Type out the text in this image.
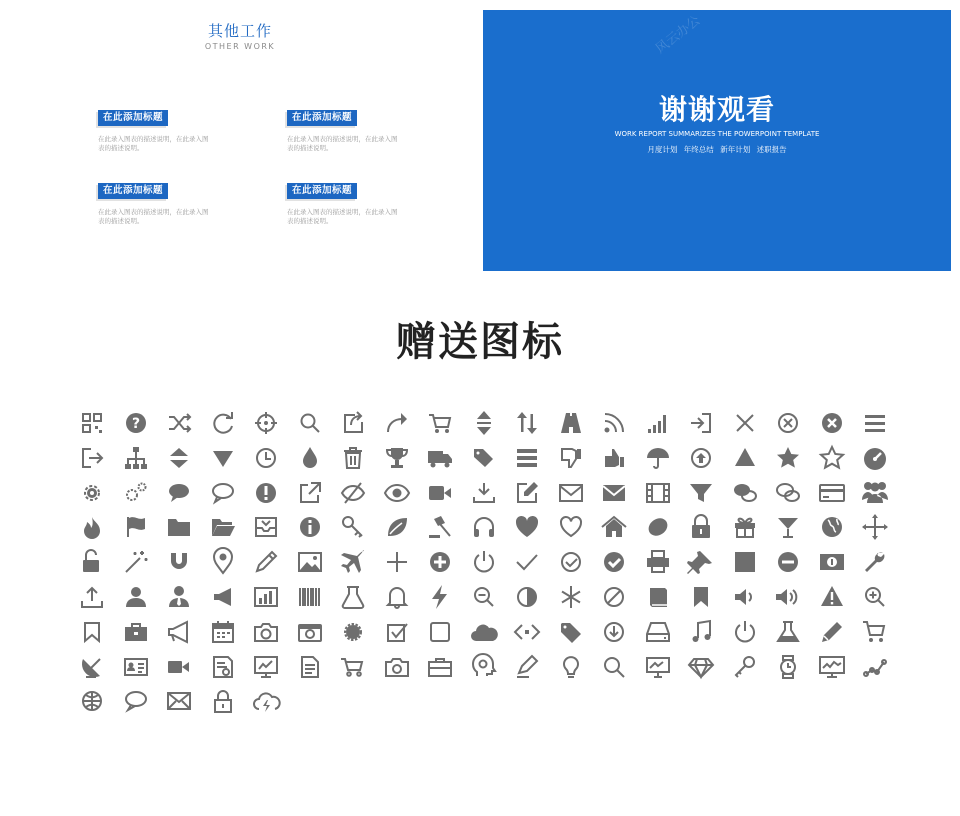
其他工作
OTHER WORK
在此添加标题
在此录入图表的描述说明，在此录入图表的描述说明。
在此添加标题
在此录入图表的描述说明，在此录入图表的描述说明。
在此添加标题
在此录入图表的描述说明，在此录入图表的描述说明。
在此添加标题
在此录入图表的描述说明，在此录入图表的描述说明。
风云办公
谢谢观看
WORK REPORT SUMMARIZES THE POWERPOINT TEMPLATE
月度计划 年终总结 新年计划 述职报告
赠送图标
?
